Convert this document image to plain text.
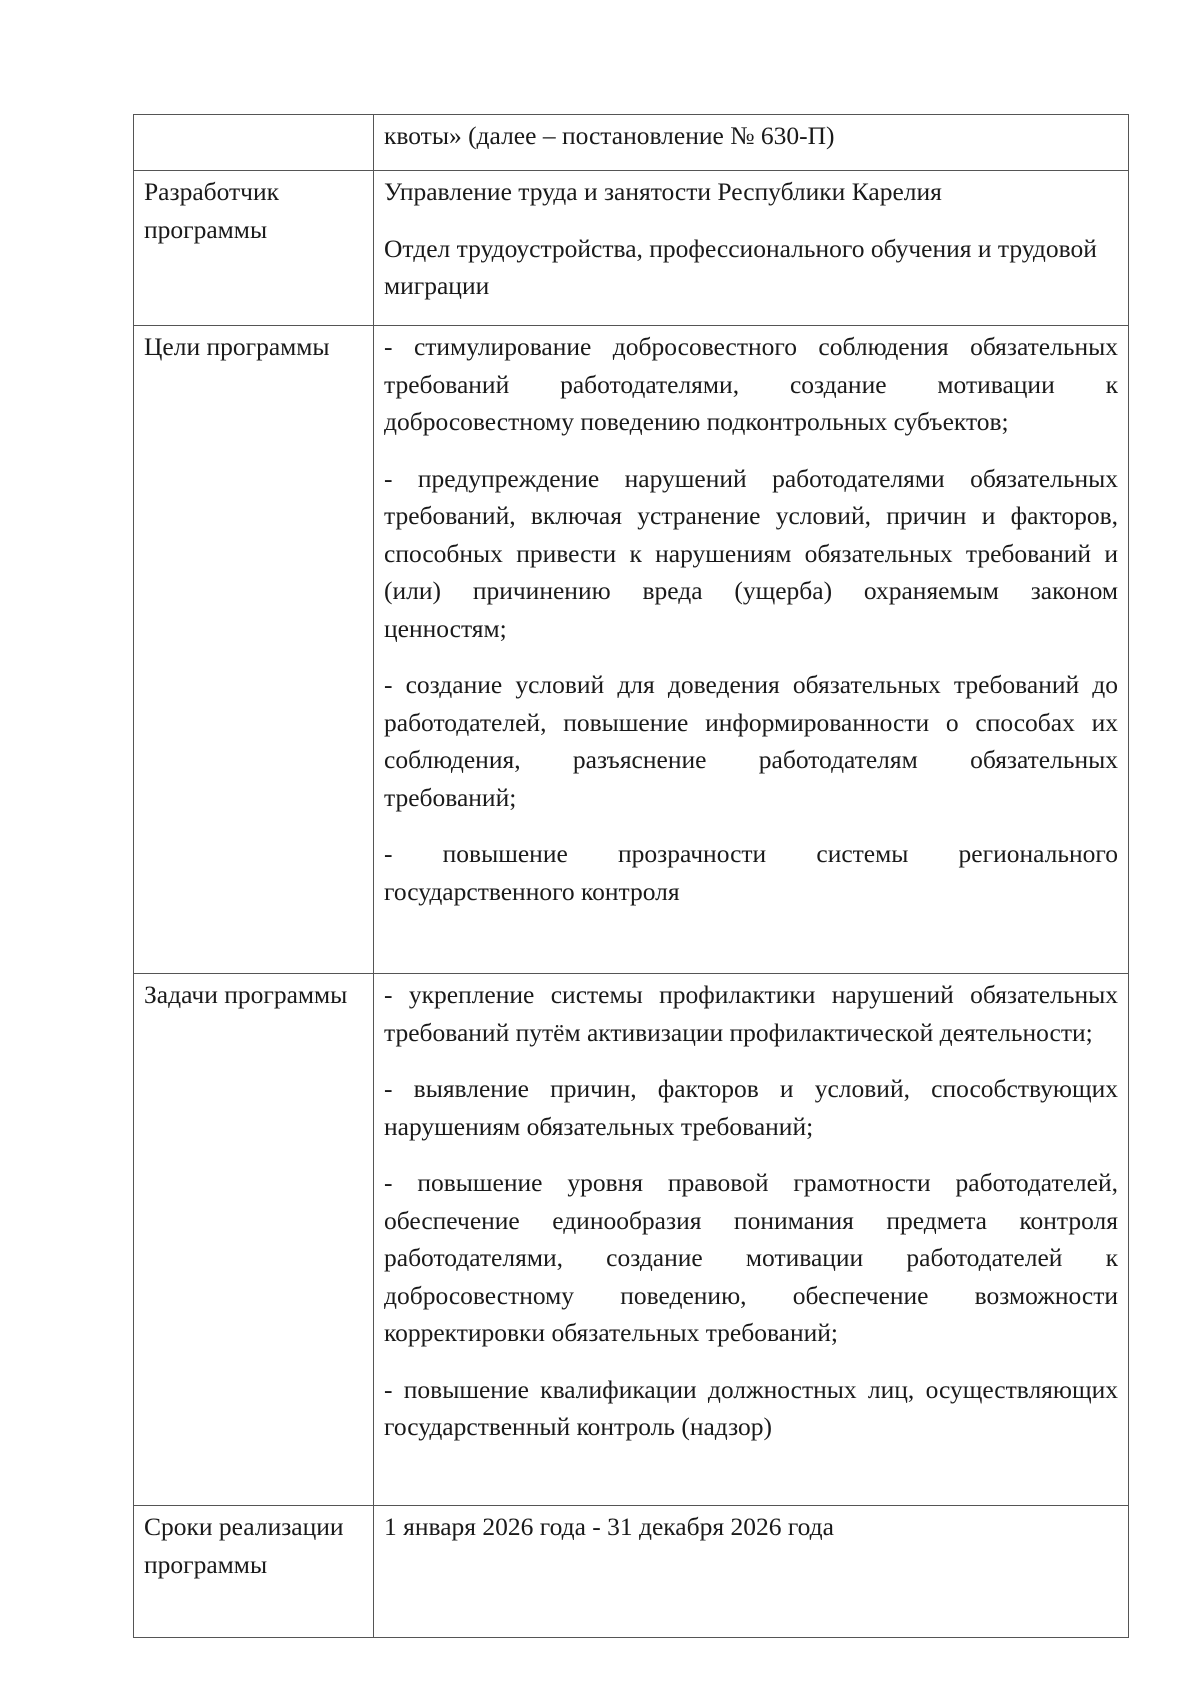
	квоты» (далее – постановление № 630-П)

Разработчик программы	Управление труда и занятости Республики Карелия

Отдел трудоустройства, профессионального обучения и трудовой миграции

Цели программы	- стимулирование добросовестного соблюдения обязательных требований работодателями, создание мотивации к добросовестному поведению подконтрольных субъектов;

- предупреждение нарушений работодателями обязательных требований, включая устранение условий, причин и факторов, способных привести к нарушениям обязательных требований и (или) причинению вреда (ущерба) охраняемым законом ценностям;

- создание условий для доведения обязательных требований до работодателей, повышение информированности о способах их соблюдения, разъяснение работодателям обязательных требований;

- повышение прозрачности системы регионального государственного контроля

Задачи программы	- укрепление системы профилактики нарушений обязательных требований путём активизации профилактической деятельности;

- выявление причин, факторов и условий, способствующих нарушениям обязательных требований;

- повышение уровня правовой грамотности работодателей, обеспечение единообразия понимания предмета контроля работодателями, создание мотивации работодателей к добросовестному поведению, обеспечение возможности корректировки обязательных требований;

- повышение квалификации должностных лиц, осуществляющих государственный контроль (надзор)

Сроки реализации программы	1 января 2026 года - 31 декабря 2026 года
